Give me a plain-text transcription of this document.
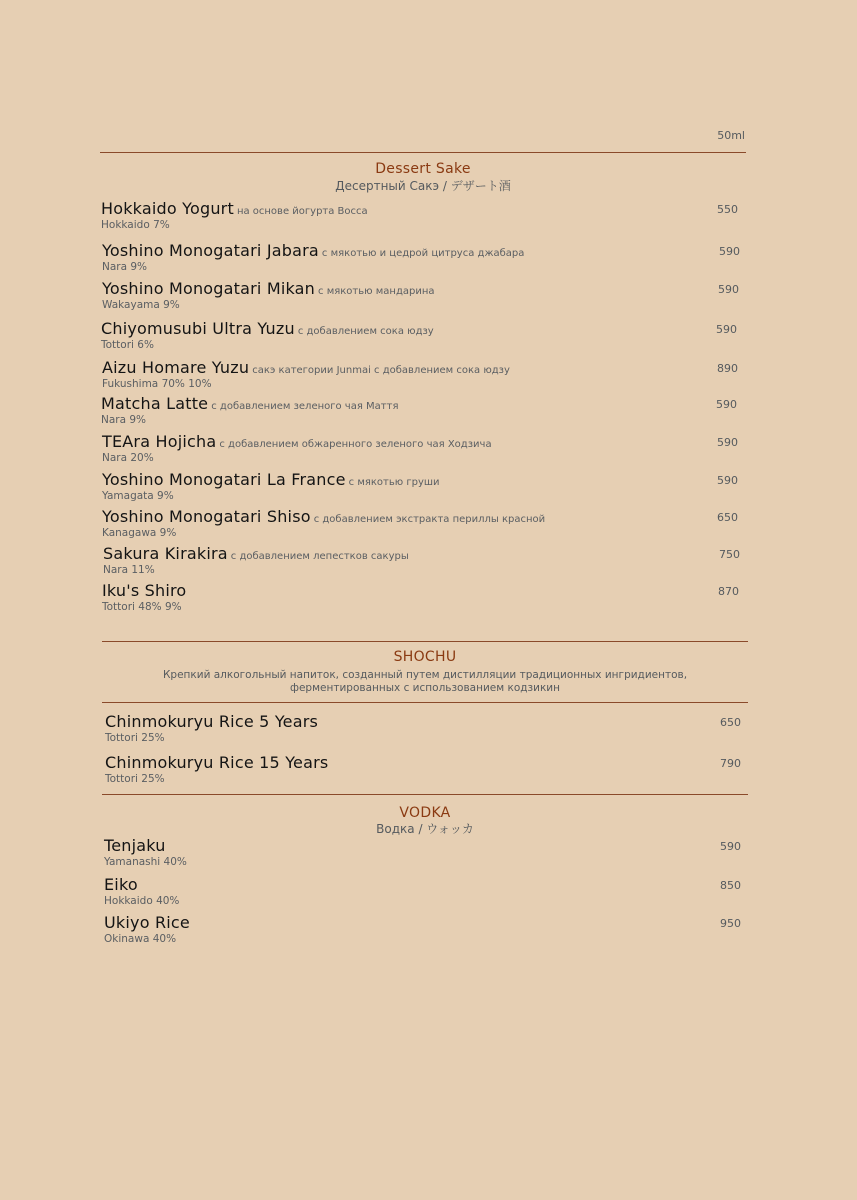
50ml
Dessert Sake
Десертный Сакэ / デザート酒
Hokkaido Yogurt на основе йогурта Восса	550
Hokkaido 7%
Yoshino Monogatari Jabara с мякотью и цедрой цитруса джабара	590
Nara 9%
Yoshino Monogatari Mikan с мякотью мандарина	590
Wakayama 9%
Chiyomusubi Ultra Yuzu с добавлением сока юдзу	590
Tottori 6%
Aizu Homare Yuzu сакэ категории Junmai с добавлением сока юдзу	890
Fukushima 70% 10%
Matcha Latte с добавлением зеленого чая Маття	590
Nara 9%
TEAra Hojicha с добавлением обжаренного зеленого чая Ходзича	590
Nara 20%
Yoshino Monogatari La France с мякотью груши	590
Yamagata 9%
Yoshino Monogatari Shiso с добавлением экстракта периллы красной	650
Kanagawa 9%
Sakura Kirakira с добавлением лепестков сакуры	750
Nara 11%
Iku's Shiro	870
Tottori 48% 9%
SHOCHU
Крепкий алкогольный напиток, созданный путем дистилляции традиционных ингридиентов,
ферментированных с использованием кодзикин
Chinmokuryu Rice 5 Years	650
Tottori 25%
Chinmokuryu Rice 15 Years	790
Tottori 25%
VODKA
Водка / ウォッカ
Tenjaku	590
Yamanashi 40%
Eiko	850
Hokkaido 40%
Ukiyo Rice	950
Okinawa 40%
